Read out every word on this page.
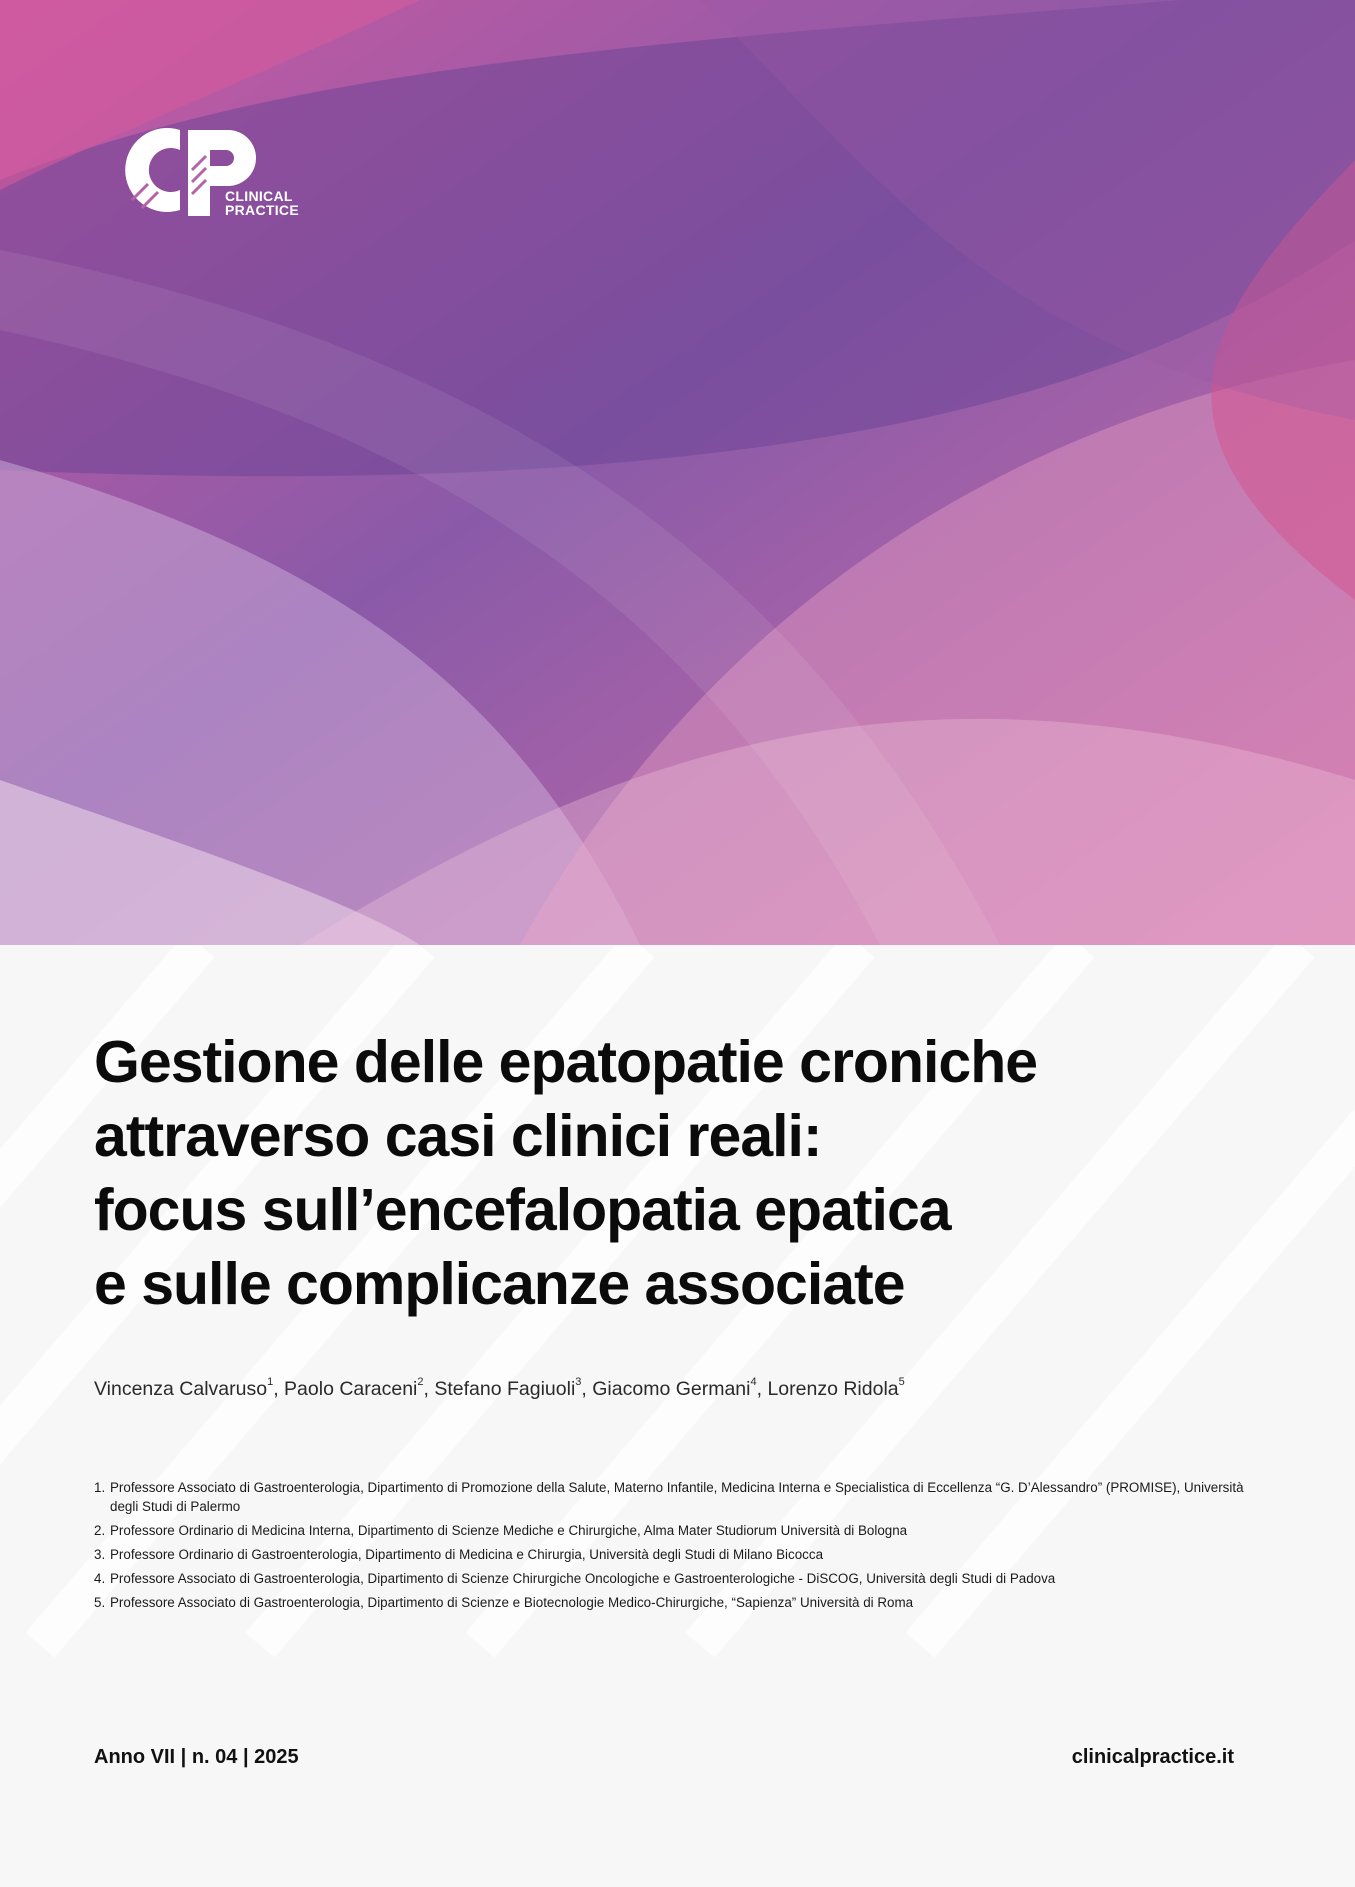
CLINICAL
PRACTICE
Gestione delle epatopatie croniche
attraverso casi clinici reali:
focus sull’encefalopatia epatica
e sulle complicanze associate
Vincenza Calvaruso$^1$, Paolo Caraceni$^2$, Stefano Fagiuoli$^3$, Giacomo Germani$^4$, Lorenzo Ridola$^5$
1. Professore Associato di Gastroenterologia, Dipartimento di Promozione della Salute, Materno Infantile, Medicina Interna e Specialistica di Eccellenza “G. D’Alessandro” (PROMISE), Università degli Studi di Palermo
2. Professore Ordinario di Medicina Interna, Dipartimento di Scienze Mediche e Chirurgiche, Alma Mater Studiorum Università di Bologna
3. Professore Ordinario di Gastroenterologia, Dipartimento di Medicina e Chirurgia, Università degli Studi di Milano Bicocca
4. Professore Associato di Gastroenterologia, Dipartimento di Scienze Chirurgiche Oncologiche e Gastroenterologiche - DiSCOG, Università degli Studi di Padova
5. Professore Associato di Gastroenterologia, Dipartimento di Scienze e Biotecnologie Medico-Chirurgiche, “Sapienza” Università di Roma
Anno VII | n. 04 | 2025	clinicalpractice.it
